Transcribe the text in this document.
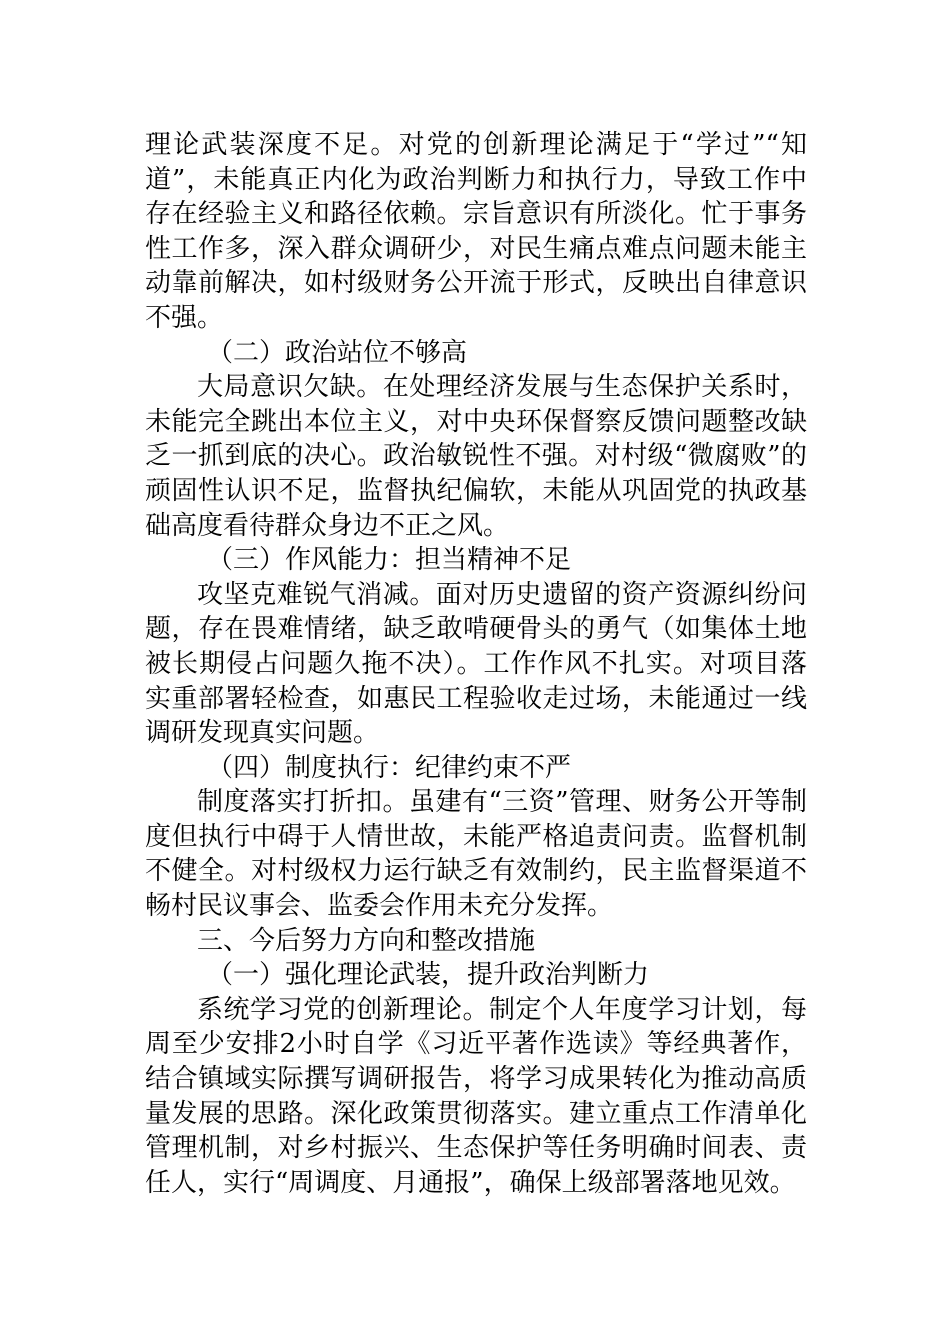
理论武装深度不足。对党的创新理论满足于“学过”“知道”，未能真正内化为政治判断力和执行力，导致工作中存在经验主义和路径依赖。宗旨意识有所淡化。忙于事务性工作多，深入群众调研少，对民生痛点难点问题未能主动靠前解决，如村级财务公开流于形式，反映出自律意识不强。

（二）政治站位不够高

大局意识欠缺。在处理经济发展与生态保护关系时，未能完全跳出本位主义，对中央环保督察反馈问题整改缺乏一抓到底的决心。政治敏锐性不强。对村级“微腐败”的顽固性认识不足，监督执纪偏软，未能从巩固党的执政基础高度看待群众身边不正之风。

（三）作风能力：担当精神不足

攻坚克难锐气消减。面对历史遗留的资产资源纠纷问题，存在畏难情绪，缺乏敢啃硬骨头的勇气（如集体土地被长期侵占问题久拖不决）。工作作风不扎实。对项目落实重部署轻检查，如惠民工程验收走过场，未能通过一线调研发现真实问题。

（四）制度执行：纪律约束不严

制度落实打折扣。虽建有“三资”管理、财务公开等制度但执行中碍于人情世故，未能严格追责问责。监督机制不健全。对村级权力运行缺乏有效制约，民主监督渠道不畅村民议事会、监委会作用未充分发挥。

三、今后努力方向和整改措施

（一）强化理论武装，提升政治判断力

系统学习党的创新理论。制定个人年度学习计划，每周至少安排2小时自学《习近平著作选读》等经典著作，结合镇域实际撰写调研报告，将学习成果转化为推动高质量发展的思路。深化政策贯彻落实。建立重点工作清单化管理机制，对乡村振兴、生态保护等任务明确时间表、责任人，实行“周调度、月通报”，确保上级部署落地见效。
